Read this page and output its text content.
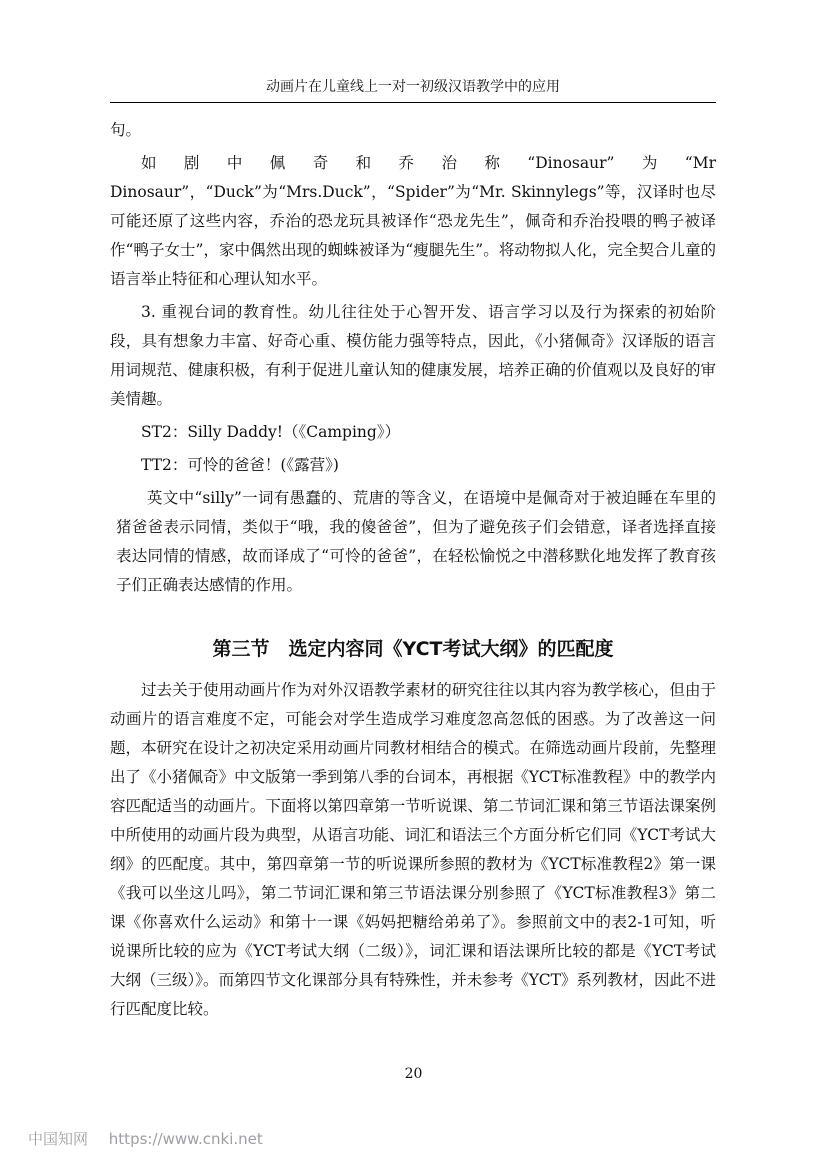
动画片在儿童线上一对一初级汉语教学中的应用

句。

如剧中佩奇和乔治称“Dinosaur”为“Mr Dinosaur”，“Duck”为“Mrs.Duck”，“Spider”为“Mr. Skinnylegs”等，汉译时也尽可能还原了这些内容，乔治的恐龙玩具被译作“恐龙先生”，佩奇和乔治投喂的鸭子被译作“鸭子女士”，家中偶然出现的蜘蛛被译为“瘦腿先生”。将动物拟人化，完全契合儿童的语言举止特征和心理认知水平。

3. 重视台词的教育性。幼儿往往处于心智开发、语言学习以及行为探索的初始阶段，具有想象力丰富、好奇心重、模仿能力强等特点，因此，《小猪佩奇》汉译版的语言用词规范、健康积极，有利于促进儿童认知的健康发展，培养正确的价值观以及良好的审美情趣。

ST2：Silly Daddy!（《Camping》）

TT2：可怜的爸爸！(《露营》)

英文中“silly”一词有愚蠢的、荒唐的等含义，在语境中是佩奇对于被迫睡在车里的猪爸爸表示同情，类似于“哦，我的傻爸爸”，但为了避免孩子们会错意，译者选择直接表达同情的情感，故而译成了“可怜的爸爸”，在轻松愉悦之中潜移默化地发挥了教育孩子们正确表达感情的作用。

第三节　选定内容同《YCT考试大纲》的匹配度

过去关于使用动画片作为对外汉语教学素材的研究往往以其内容为教学核心，但由于动画片的语言难度不定，可能会对学生造成学习难度忽高忽低的困惑。为了改善这一问题，本研究在设计之初决定采用动画片同教材相结合的模式。在筛选动画片段前，先整理出了《小猪佩奇》中文版第一季到第八季的台词本，再根据《YCT标准教程》中的教学内容匹配适当的动画片。下面将以第四章第一节听说课、第二节词汇课和第三节语法课案例中所使用的动画片段为典型，从语言功能、词汇和语法三个方面分析它们同《YCT考试大纲》的匹配度。其中，第四章第一节的听说课所参照的教材为《YCT标准教程2》第一课《我可以坐这儿吗》，第二节词汇课和第三节语法课分别参照了《YCT标准教程3》第二课《你喜欢什么运动》和第十一课《妈妈把糖给弟弟了》。参照前文中的表2-1可知，听说课所比较的应为《YCT考试大纲（二级）》，词汇课和语法课所比较的都是《YCT考试大纲（三级）》。而第四节文化课部分具有特殊性，并未参考《YCT》系列教材，因此不进行匹配度比较。

20
中国知网 https://www.cnki.net
